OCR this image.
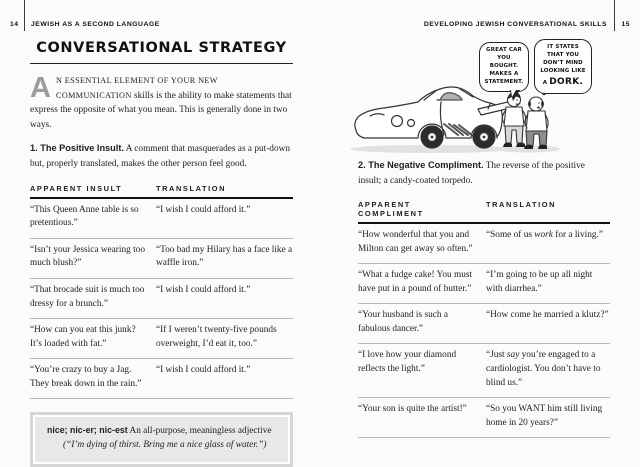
14 JEWISH AS A SECOND LANGUAGE
CONVERSATIONAL STRATEGY
A N ESSENTIAL ELEMENT OF YOUR NEW COMMUNICATION skills is the ability to make statements that express the opposite of what you mean. This is generally done in two ways.

1. The Positive Insult. A comment that masquerades as a put-down but, properly translated, makes the other person feel good.

APPARENT INSULT	TRANSLATION
“This Queen Anne table is so pretentious.”
“I wish I could afford it.”
“Isn’t your Jessica wearing too much blush?”
“Too bad my Hilary has a face like a waffle iron.”
“That brocade suit is much too dressy for a brunch.”
“I wish I could afford it.”
“How can you eat this junk? It’s loaded with fat.”
“If I weren’t twenty-five pounds overweight, I’d eat it, too.”
“You’re crazy to buy a Jag. They break down in the rain.”
“I wish I could afford it.”

nice; nic-er; nic-est An all-purpose, meaningless adjective (“I’m dying of thirst. Bring me a nice glass of water.”)

15
DEVELOPING JEWISH CONVERSATIONAL SKILLS
GREAT CAR YOU BOUGHT. MAKES A STATEMENT.
IT STATES THAT YOU DON’T MIND LOOKING LIKE A DORK.

2. The Negative Compliment. The reverse of the positive insult; a candy-coated torpedo.

APPARENT COMPLIMENT
TRANSLATION
“How wonderful that you and Milton can get away so often.”
“Some of us work for a living.”
“What a fudge cake! You must have put in a pound of butter.”
“I’m going to be up all night with diarrhea.”
“Your husband is such a fabulous dancer.”
“How come he married a klutz?”
“I love how your diamond reflects the light.”
“Just say you’re engaged to a cardiologist. You don’t have to blind us.”
“Your son is quite the artist!”	“So you WANT him still living home in 20 years?”
